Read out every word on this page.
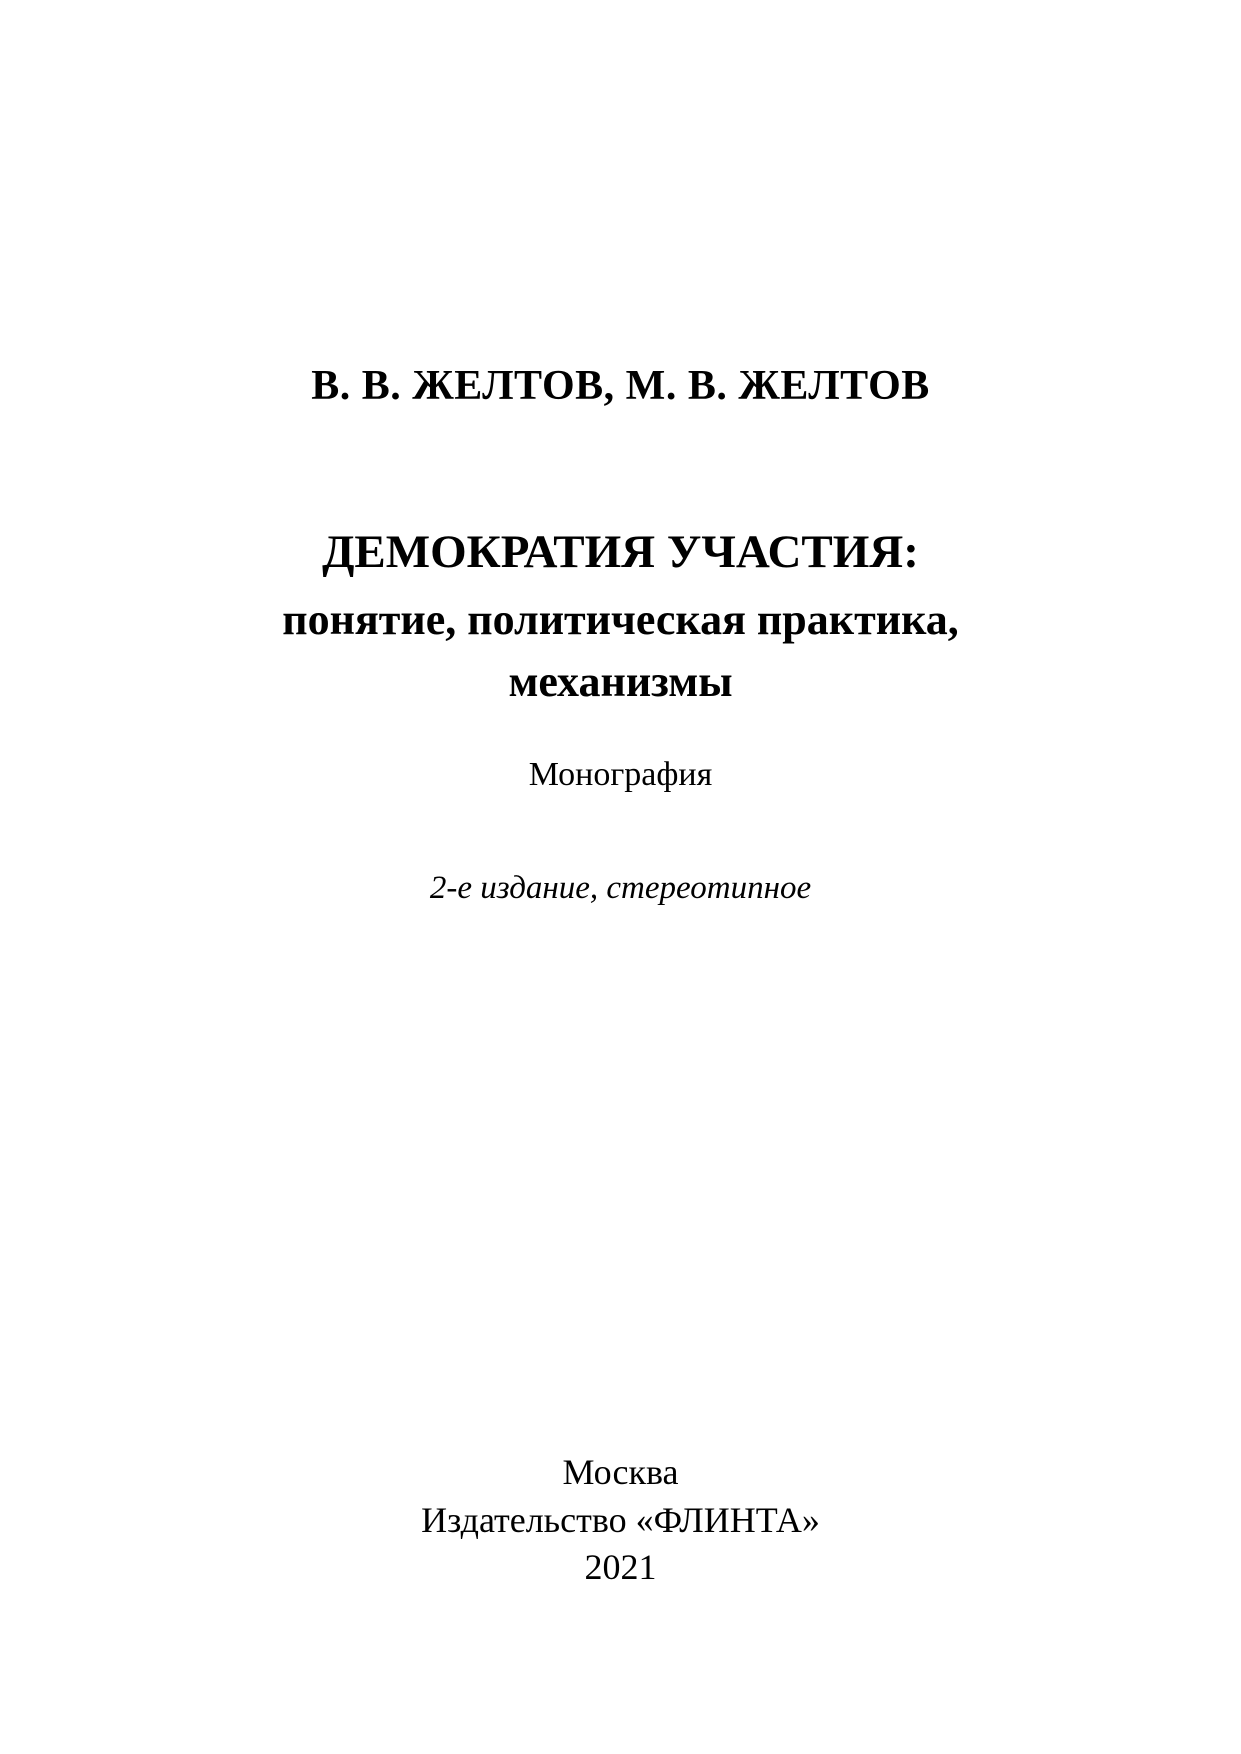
В. В. ЖЕЛТОВ, М. В. ЖЕЛТОВ
ДЕМОКРАТИЯ УЧАСТИЯ:
понятие, политическая практика,
механизмы
Монография
2-е издание, стереотипное
Москва
Издательство «ФЛИНТА»
2021
